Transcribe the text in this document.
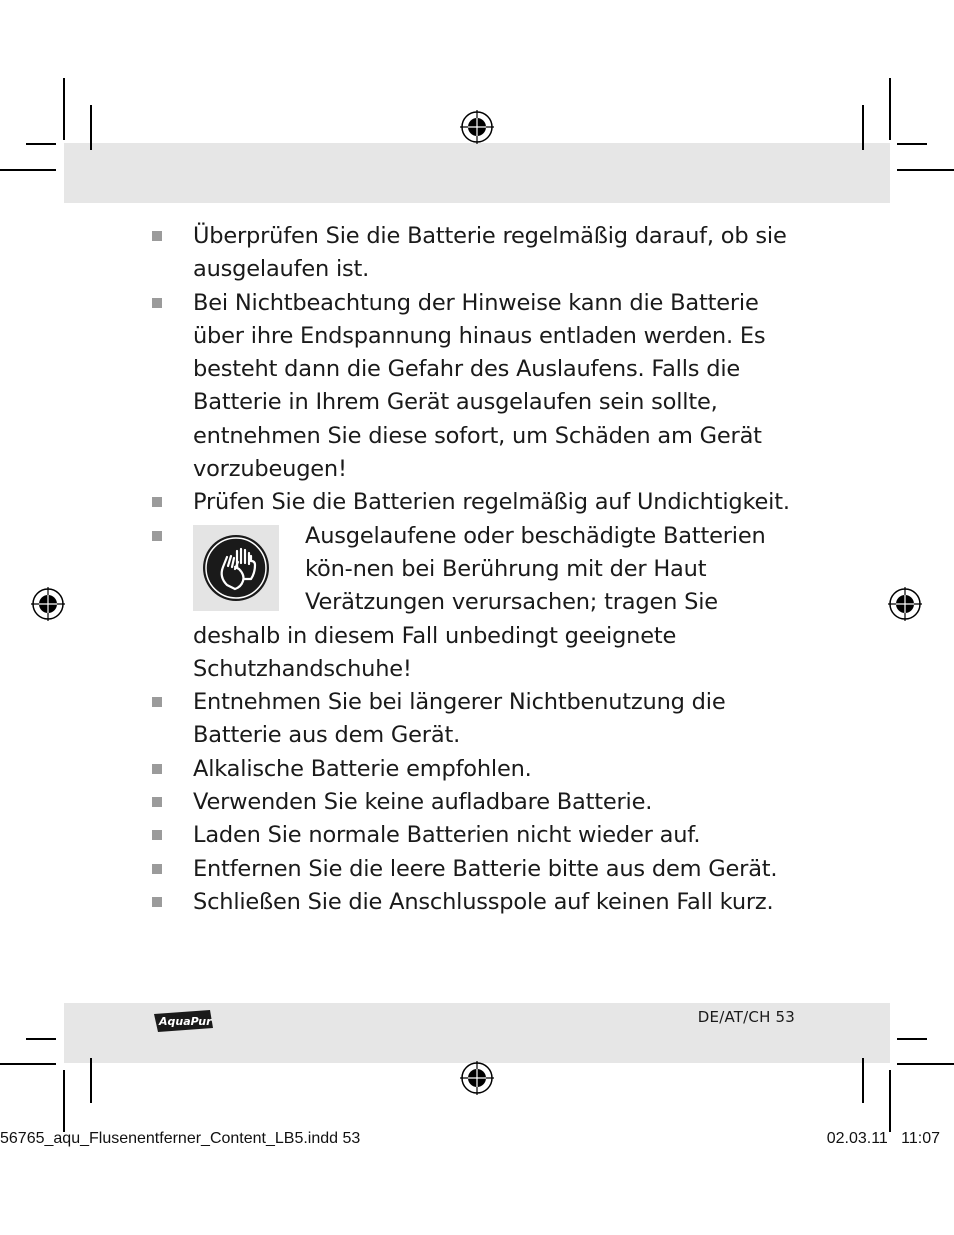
Überprüfen Sie die Batterie regelmäßig darauf, ob sie ausgelaufen ist.
Bei Nichtbeachtung der Hinweise kann die Batterie über ihre Endspannung hinaus entladen werden. Es besteht dann die Gefahr des Auslaufens. Falls die Batterie in Ihrem Gerät ausgelaufen sein sollte, entnehmen Sie diese sofort, um Schäden am Gerät vorzubeugen!
Prüfen Sie die Batterien regelmäßig auf Undichtigkeit.
Ausgelaufene oder beschädigte Batterien kön-nen bei Berührung mit der Haut Verätzungen verursachen; tragen Sie deshalb in diesem Fall unbedingt geeignete Schutzhandschuhe!
Entnehmen Sie bei längerer Nichtbenutzung die Batterie aus dem Gerät.
Alkalische Batterie empfohlen.
Verwenden Sie keine aufladbare Batterie.
Laden Sie normale Batterien nicht wieder auf.
Entfernen Sie die leere Batterie bitte aus dem Gerät.
Schließen Sie die Anschlusspole auf keinen Fall kurz.
AquaPur	DE/AT/CH 53
56765_aqu_Flusenentferner_Content_LB5.indd 53	02.03.11   11:07
